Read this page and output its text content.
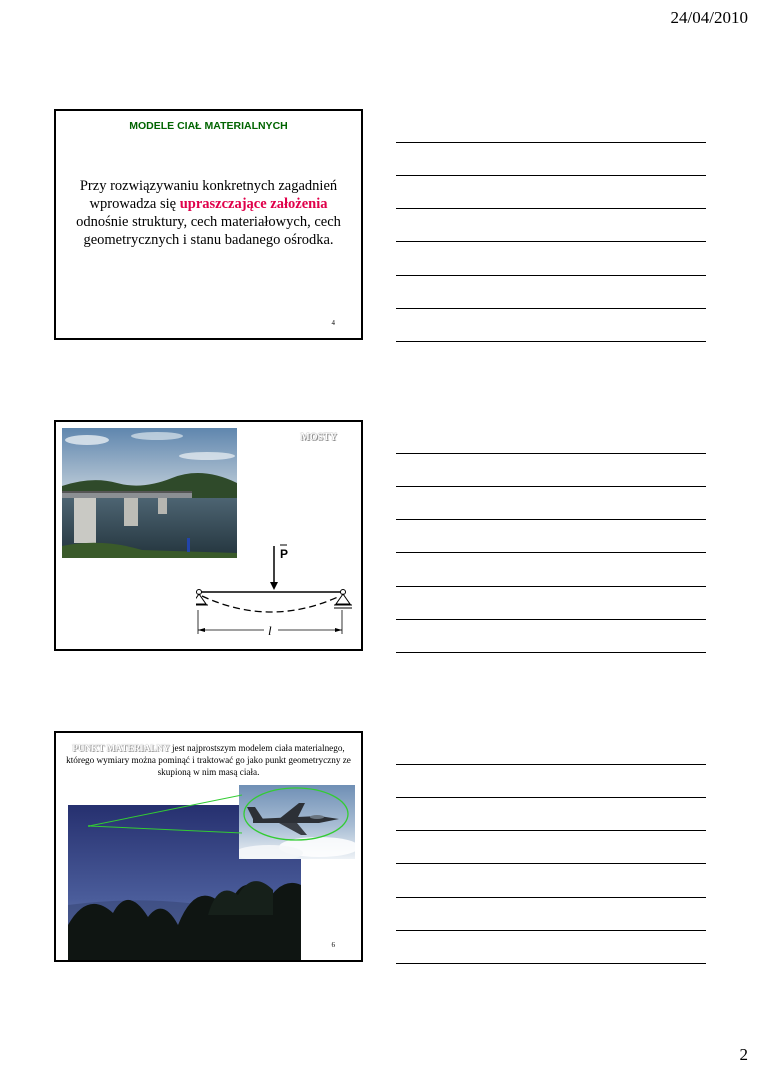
24/04/2010
MODELE CIAŁ MATERIALNYCH
Przy rozwiązywaniu konkretnych zagadnień wprowadza się upraszczające założenia odnośnie struktury, cech materiałowych, cech geometrycznych i stanu badanego ośrodka.
4
MOSTY
P
l
PUNKT MATERIALNY jest najprostszym modelem ciała materialnego, którego wymiary można pominąć i traktować go jako punkt geometryczny ze skupioną w nim masą ciała.
6
2
